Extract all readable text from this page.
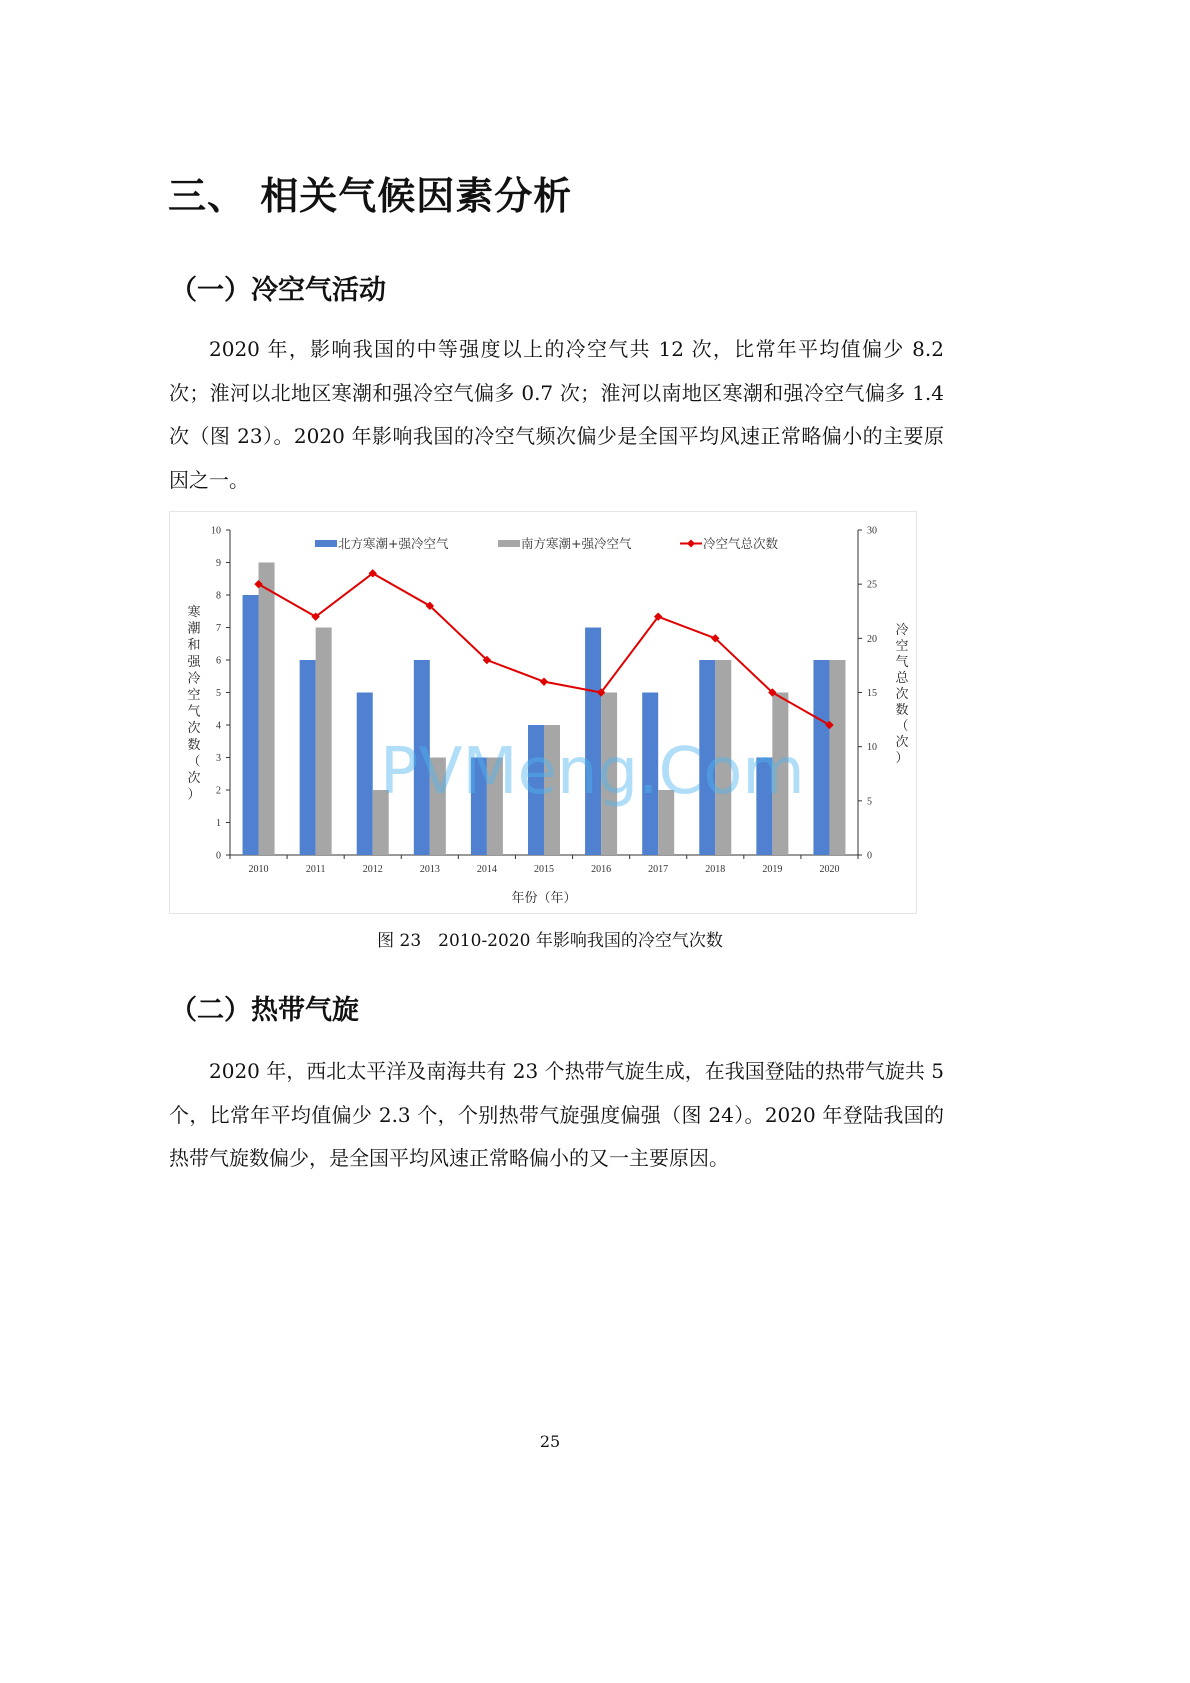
三、 相关气候因素分析
（一）冷空气活动

2020 年，影响我国的中等强度以上的冷空气共 12 次，比常年平均值偏少 8.2 次；淮河以北地区寒潮和强冷空气偏多 0.7 次；淮河以南地区寒潮和强冷空气偏多 1.4 次（图 23）。2020 年影响我国的冷空气频次偏少是全国平均风速正常略偏小的主要原因之一。

0
1
2
3
4
5
6
7
8
9
10
0
5
10
15
20
25
30
2010	2011	2012	2013	2014	2015	2016	2017	2018	2019	2020
北方寒潮+强冷空气	南方寒潮+强冷空气	冷空气总次数
寒
潮
和
强
冷
空
气
次
数
（
次
）
冷
空
气
总
次
数
（
次
）
年份（年）
图 23　2010-2020 年影响我国的冷空气次数
（二）热带气旋

2020 年，西北太平洋及南海共有 23 个热带气旋生成，在我国登陆的热带气旋共 5 个，比常年平均值偏少 2.3 个，个别热带气旋强度偏强（图 24）。2020 年登陆我国的热带气旋数偏少，是全国平均风速正常略偏小的又一主要原因。

25
PVMeng.Com
